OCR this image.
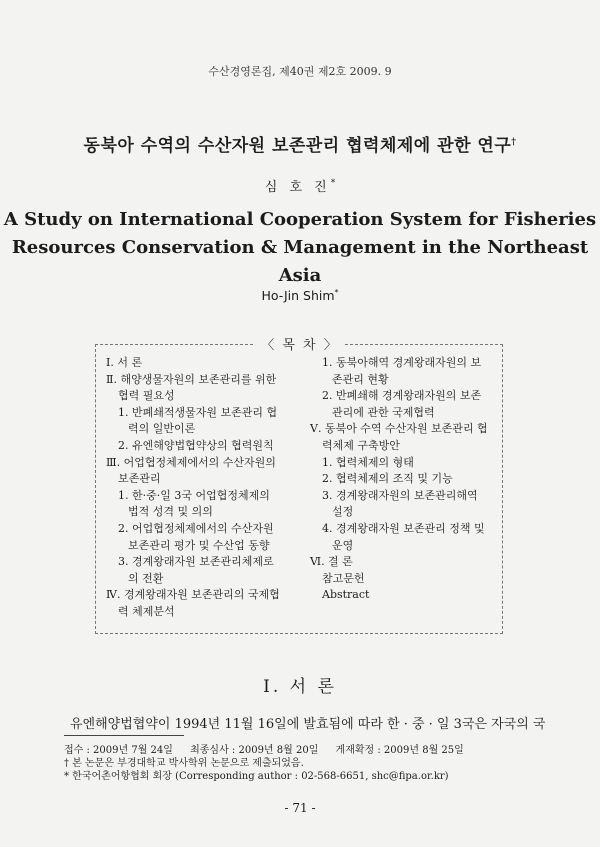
수산경영론집, 제40권 제2호 2009. 9
동북아 수역의 수산자원 보존관리 협력체제에 관한 연구†
심 호 진*
A Study on International Cooperation System for Fisheries
Resources Conservation & Management in the Northeast Asia
Ho-Jin Shim*
〈 목 차 〉
Ⅰ. 서 론
Ⅱ. 해양생물자원의 보존관리를 위한
협력 필요성
1. 반폐쇄적생물자원 보존관리 협
력의 일반이론
2. 유엔해양법협약상의 협력원칙
Ⅲ. 어업협정체제에서의 수산자원의
보존관리
1. 한·중·일 3국 어업협정체제의
법적 성격 및 의의
2. 어업협정체제에서의 수산자원
보존관리 평가 및 수산업 동향
3. 경계왕래자원 보존관리체제로
의 전환
Ⅳ. 경계왕래자원 보존관리의 국제협
력 체제분석
1. 동북아해역 경계왕래자원의 보
존관리 현황
2. 반폐쇄해 경계왕래자원의 보존
관리에 관한 국제협력
Ⅴ. 동북아 수역 수산자원 보존관리 협
력체제 구축방안
1. 협력체제의 형태
2. 협력체제의 조직 및 기능
3. 경계왕래자원의 보존관리해역
설정
4. 경계왕래자원 보존관리 정책 및
운영
Ⅵ. 결 론
참고문헌
Abstract
Ⅰ. 서 론
유엔해양법협약이 1994년 11월 16일에 발효됨에 따라 한 · 중 · 일 3국은 자국의 국
접수 : 2009년 7월 24일 최종심사 : 2009년 8월 20일 게재확정 : 2009년 8월 25일
† 본 논문은 부경대학교 박사학위 논문으로 제출되었음.
* 한국어촌어항협회 회장 (Corresponding author : 02-568-6651, shc@fipa.or.kr)
- 71 -
